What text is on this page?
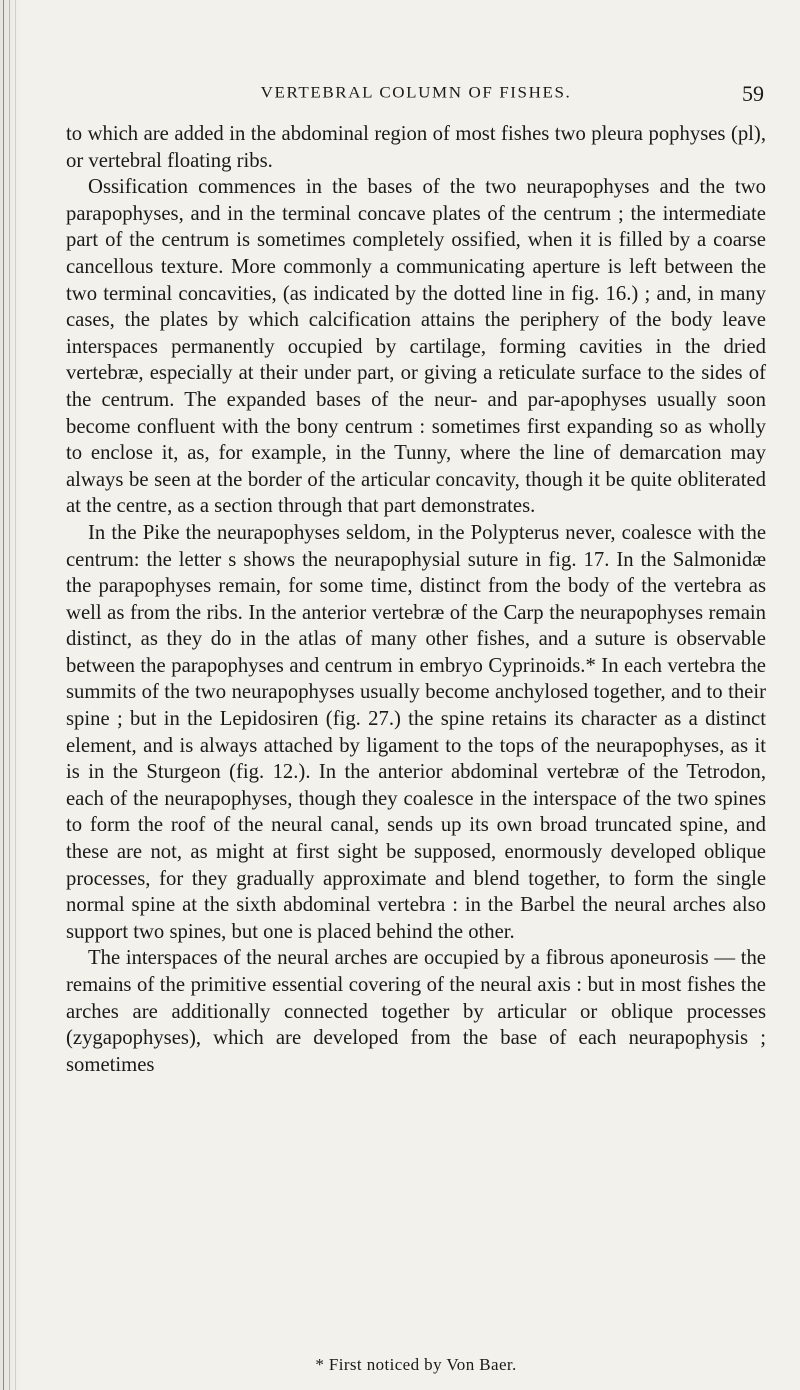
VERTEBRAL COLUMN OF FISHES.	59

to which are added in the abdominal region of most fishes two pleura pophyses (pl), or vertebral floating ribs.

Ossification commences in the bases of the two neurapophyses and the two parapophyses, and in the terminal concave plates of the centrum ; the intermediate part of the centrum is sometimes completely ossified, when it is filled by a coarse cancellous texture. More commonly a communicating aperture is left between the two terminal concavities, (as indicated by the dotted line in fig. 16.) ; and, in many cases, the plates by which calcification attains the periphery of the body leave interspaces permanently occupied by cartilage, forming cavities in the dried vertebræ, especially at their under part, or giving a reticulate surface to the sides of the centrum. The expanded bases of the neur- and par-apophyses usually soon become confluent with the bony centrum : sometimes first expanding so as wholly to enclose it, as, for example, in the Tunny, where the line of demarcation may always be seen at the border of the articular concavity, though it be quite obliterated at the centre, as a section through that part demonstrates.

In the Pike the neurapophyses seldom, in the Polypterus never, coalesce with the centrum: the letter s shows the neurapophysial suture in fig. 17. In the Salmonidæ the parapophyses remain, for some time, distinct from the body of the vertebra as well as from the ribs. In the anterior vertebræ of the Carp the neurapophyses remain distinct, as they do in the atlas of many other fishes, and a suture is observable between the parapophyses and centrum in embryo Cyprinoids.* In each vertebra the summits of the two neurapophyses usually become anchylosed together, and to their spine ; but in the Lepidosiren (fig. 27.) the spine retains its character as a distinct element, and is always attached by ligament to the tops of the neurapophyses, as it is in the Sturgeon (fig. 12.). In the anterior abdominal vertebræ of the Tetrodon, each of the neurapophyses, though they coalesce in the interspace of the two spines to form the roof of the neural canal, sends up its own broad truncated spine, and these are not, as might at first sight be supposed, enormously developed oblique processes, for they gradually approximate and blend together, to form the single normal spine at the sixth abdominal vertebra : in the Barbel the neural arches also support two spines, but one is placed behind the other.

The interspaces of the neural arches are occupied by a fibrous aponeurosis — the remains of the primitive essential covering of the neural axis : but in most fishes the arches are additionally connected together by articular or oblique processes (zygapophyses), which are developed from the base of each neurapophysis ; sometimes

* First noticed by Von Baer.
